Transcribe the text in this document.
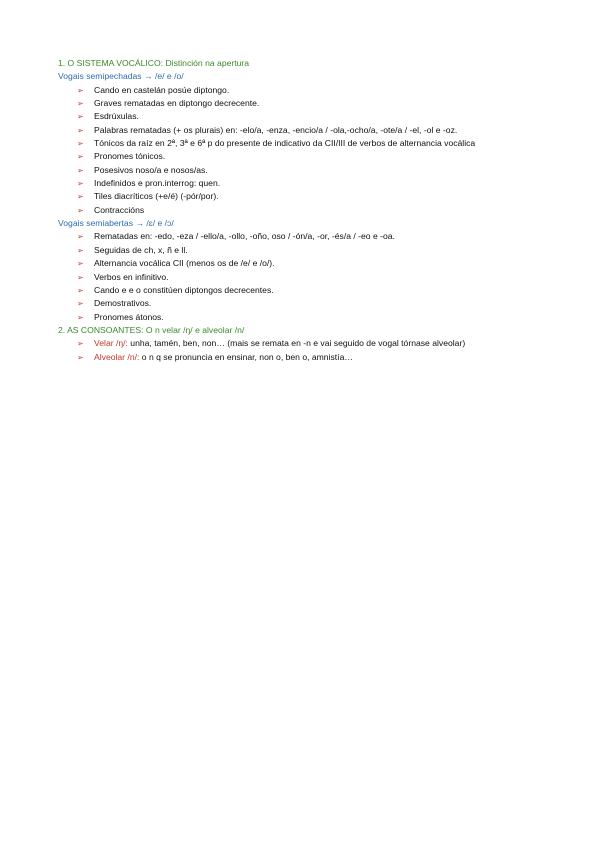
1. O SISTEMA VOCÁLICO: Distinción na apertura
Vogais semipechadas → /e/ e /o/
➢ Cando en castelán posúe diptongo.
➢ Graves rematadas en diptongo decrecente.
➢ Esdrúxulas.
➢ Palabras rematadas (+ os plurais) en: -elo/a, -enza, -encio/a / -ola,-ocho/a, -ote/a / -el, -ol e -oz.
➢ Tónicos da raíz en 2ª, 3ª e 6ª p do presente de indicativo da CII/III de verbos de alternancia vocálica
➢ Pronomes tónicos.
➢ Posesivos noso/a e nosos/as.
➢ Indefinidos e pron.interrog: quen.
➢ Tiles diacríticos (+e/é) (-pór/por).
➢ Contraccións
Vogais semiabertas → /ɛ/ e /ɔ/
➢ Rematadas en: -edo, -eza / -ello/a, -ollo, -oño, oso / -ón/a, -or, -és/a / -eo e -oa.
➢ Seguidas de ch, x, ñ e ll.
➢ Alternancia vocálica CII (menos os de /e/ e /o/).
➢ Verbos en infinitivo.
➢ Cando e e o constitúen diptongos decrecentes.
➢ Demostrativos.
➢ Pronomes átonos.
2. AS CONSOANTES: O n velar /ŋ/ e alveolar /n/
➢ Velar /ŋ/: unha, tamén, ben, non… (mais se remata en -n e vai seguido de vogal tórnase alveolar)
➢ Alveolar /n/: o n q se pronuncia en ensinar, non o, ben o, amnistía…
